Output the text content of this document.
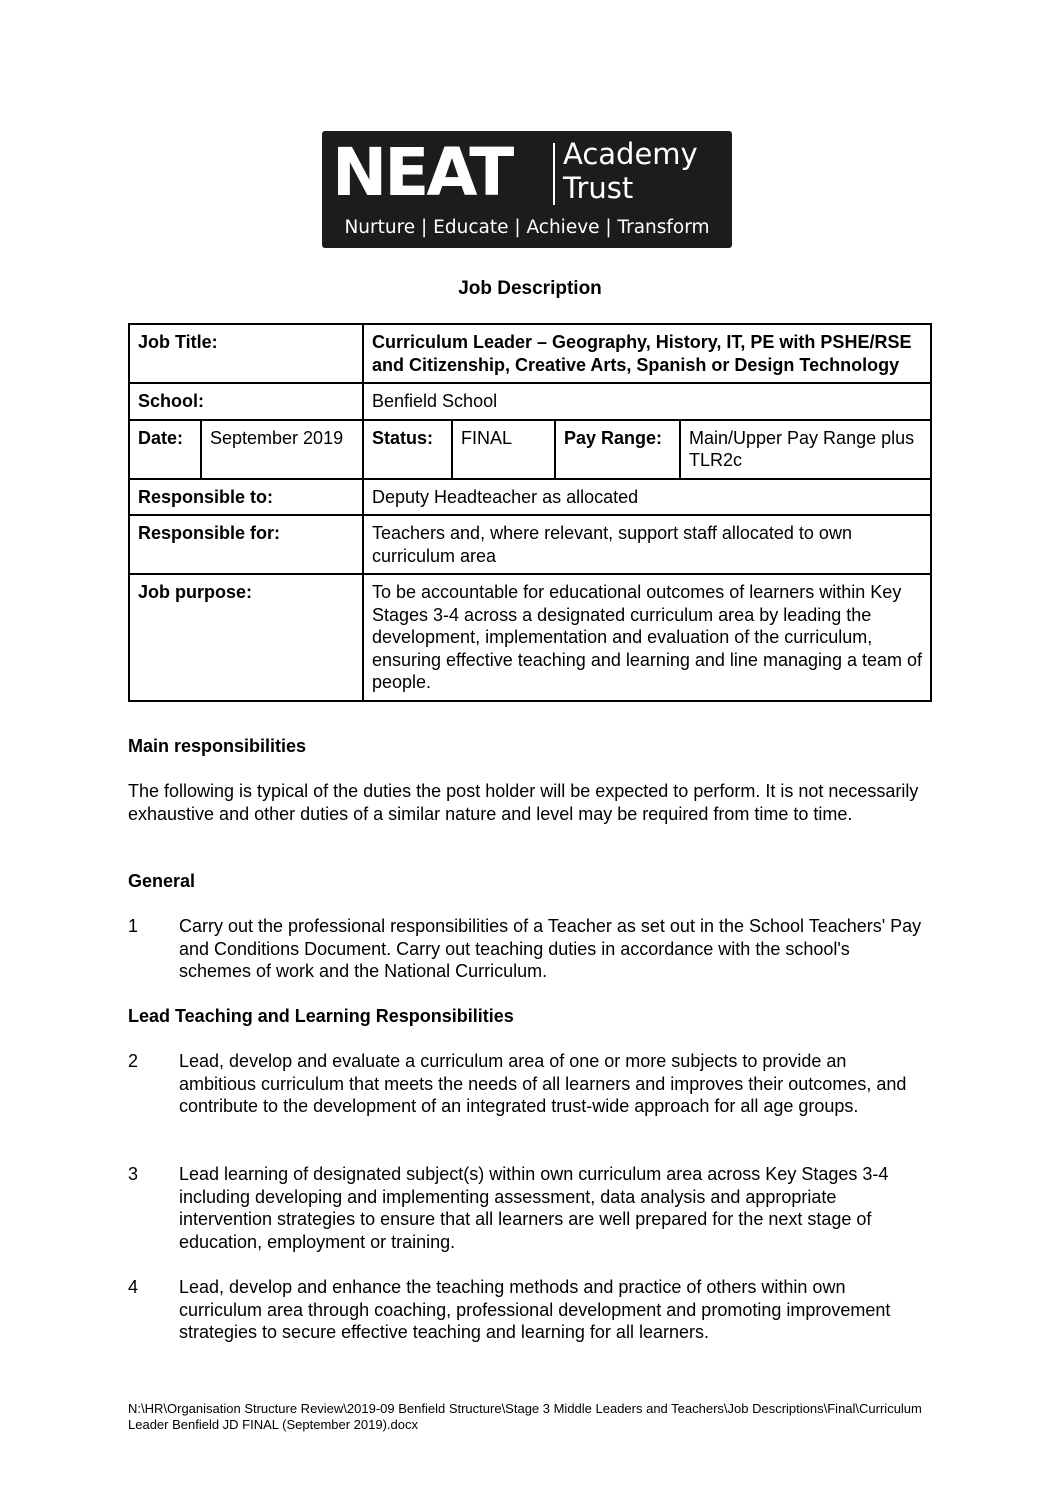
NEAT Academy
Trust
Nurture | Educate | Achieve | Transform
Job Description
Job Title:		Curriculum Leader – Geography, History, IT, PE with PSHE/RSE and Citizenship, Creative Arts, Spanish or Design Technology			
School:		Benfield School			
Date:	September 2019	Status:	FINAL	Pay Range:	Main/Upper Pay Range plus TLR2c
Responsible to:		Deputy Headteacher as allocated			
Responsible for:		Teachers and, where relevant, support staff allocated to own curriculum area			
Job purpose:		To be accountable for educational outcomes of learners within Key Stages 3-4 across a designated curriculum area by leading the development, implementation and evaluation of the curriculum, ensuring effective teaching and learning and line managing a team of people.			
Main responsibilities
The following is typical of the duties the post holder will be expected to perform. It is not necessarily exhaustive and other duties of a similar nature and level may be required from time to time.
General
1 Carry out the professional responsibilities of a Teacher as set out in the School Teachers' Pay and Conditions Document. Carry out teaching duties in accordance with the school's schemes of work and the National Curriculum.
Lead Teaching and Learning Responsibilities
2 Lead, develop and evaluate a curriculum area of one or more subjects to provide an ambitious curriculum that meets the needs of all learners and improves their outcomes, and contribute to the development of an integrated trust-wide approach for all age groups.
3 Lead learning of designated subject(s) within own curriculum area across Key Stages 3-4 including developing and implementing assessment, data analysis and appropriate intervention strategies to ensure that all learners are well prepared for the next stage of education, employment or training.
4 Lead, develop and enhance the teaching methods and practice of others within own curriculum area through coaching, professional development and promoting improvement strategies to secure effective teaching and learning for all learners.
N:\HR\Organisation Structure Review\2019-09 Benfield Structure\Stage 3 Middle Leaders and Teachers\Job Descriptions\Final\Curriculum Leader Benfield JD FINAL (September 2019).docx
